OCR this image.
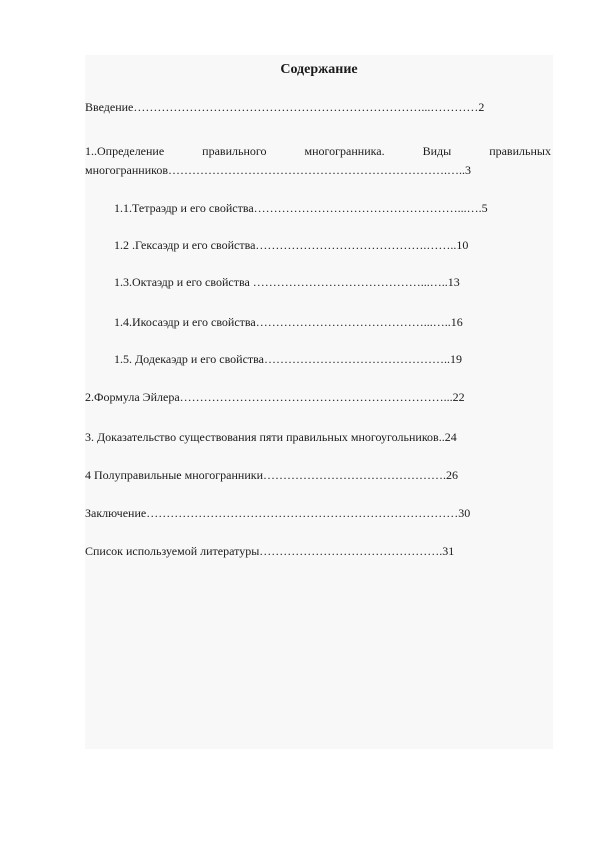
Содержание
Введение………………………………………………………………...…………2
1..Определение	правильного	многогранника.	Виды	правильных
многогранников…………………………………………………………….…..3
1.1.Тетраэдр и его свойства……………………………………………...….5
1.2 .Гексаэдр и его свойства…………………………………….……..10
1.3.Октаэдр и его свойства ……………………………………...…..13
1.4.Икосаэдр и его свойства……………………………………...…..16
1.5. Додекаэдр и его свойства………………………………………..19
2.Формула Эйлера…………………………………………………………...22
3. Доказательство существования пяти правильных многоугольников..24
4 Полуправильные многогранники……………………………………….26
Заключение……………………………………………………………………30
Список используемой литературы……………………………………….31
